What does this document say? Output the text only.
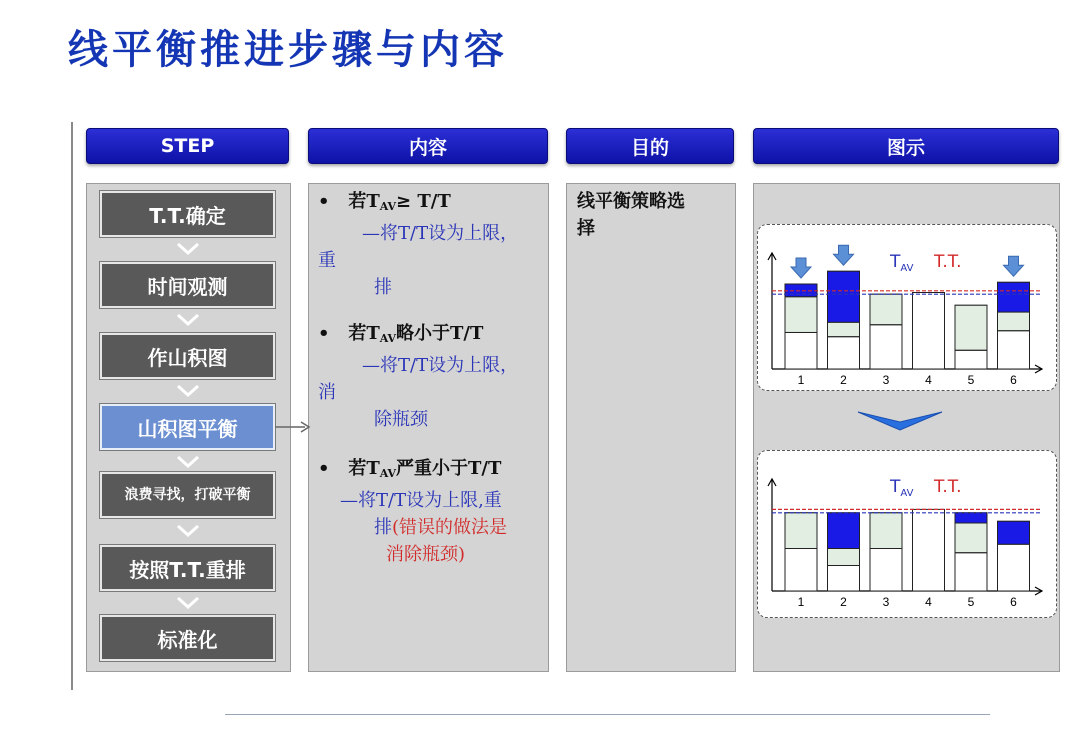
线平衡推进步骤与内容
STEP	内容	目的	图示
T.T.确定
时间观测
作山积图
山积图平衡
浪费寻找，打破平衡
按照T.T.重排
标准化
• 若$T_{AV}\ge T/T$
—将T/T设为上限，
重
排
• 若$T_{AV}$略小于T/T
—将T/T设为上限，
消
除瓶颈
• 若$T_{AV}$严重小于T/T
—将T/T设为上限,重
排(错误的做法是
消除瓶颈)
线平衡策略选
择
1	2	3	4	5	6
$T_{AV}$ T.T.
1	2	3	4	5	6
$T_{AV}$ T.T.
